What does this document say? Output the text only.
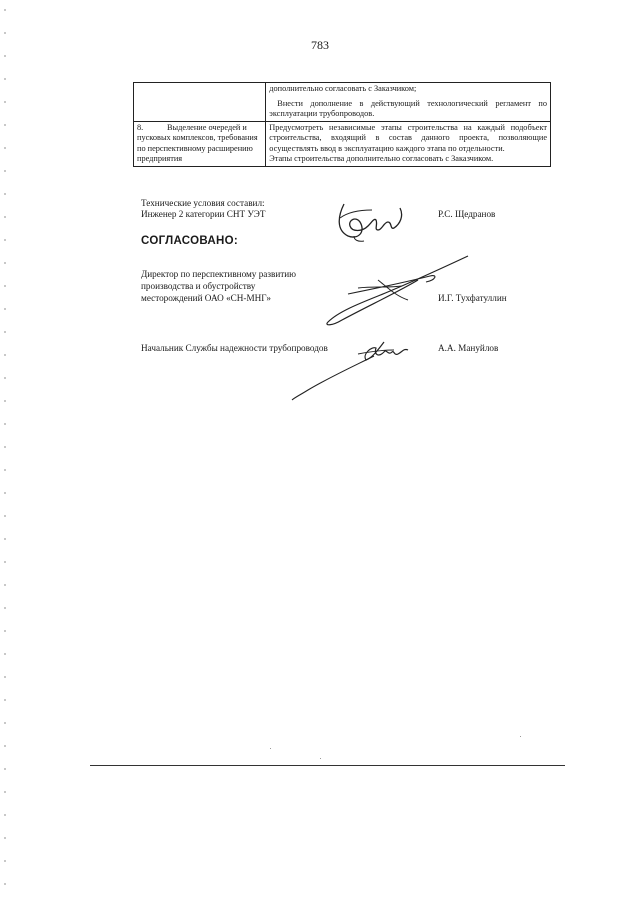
783

	дополнительно согласовать с Заказчиком;
Внести дополнение в действующий технологический регламент по эксплуатации трубопроводов.

8. Выделение очередей и пусковых комплексов, требования по перспективному расширению предприятия	Предусмотреть независимые этапы строительства на каждый подобъект строительства, входящий в состав данного проекта, позволяющие осуществлять ввод в эксплуатацию каждого этапа по отдельности.
Этапы строительства дополнительно согласовать с Заказчиком.
Технические условия составил:
Инженер 2 категории СНТ УЭТ	Р.С. Щедранов
СОГЛАСОВАНО:
Директор по перспективному развитию
производства и обустройству
месторождений ОАО «СН-МНГ»	И.Г. Тухфатуллин
Начальник Службы надежности трубопроводов	А.А. Мануйлов
